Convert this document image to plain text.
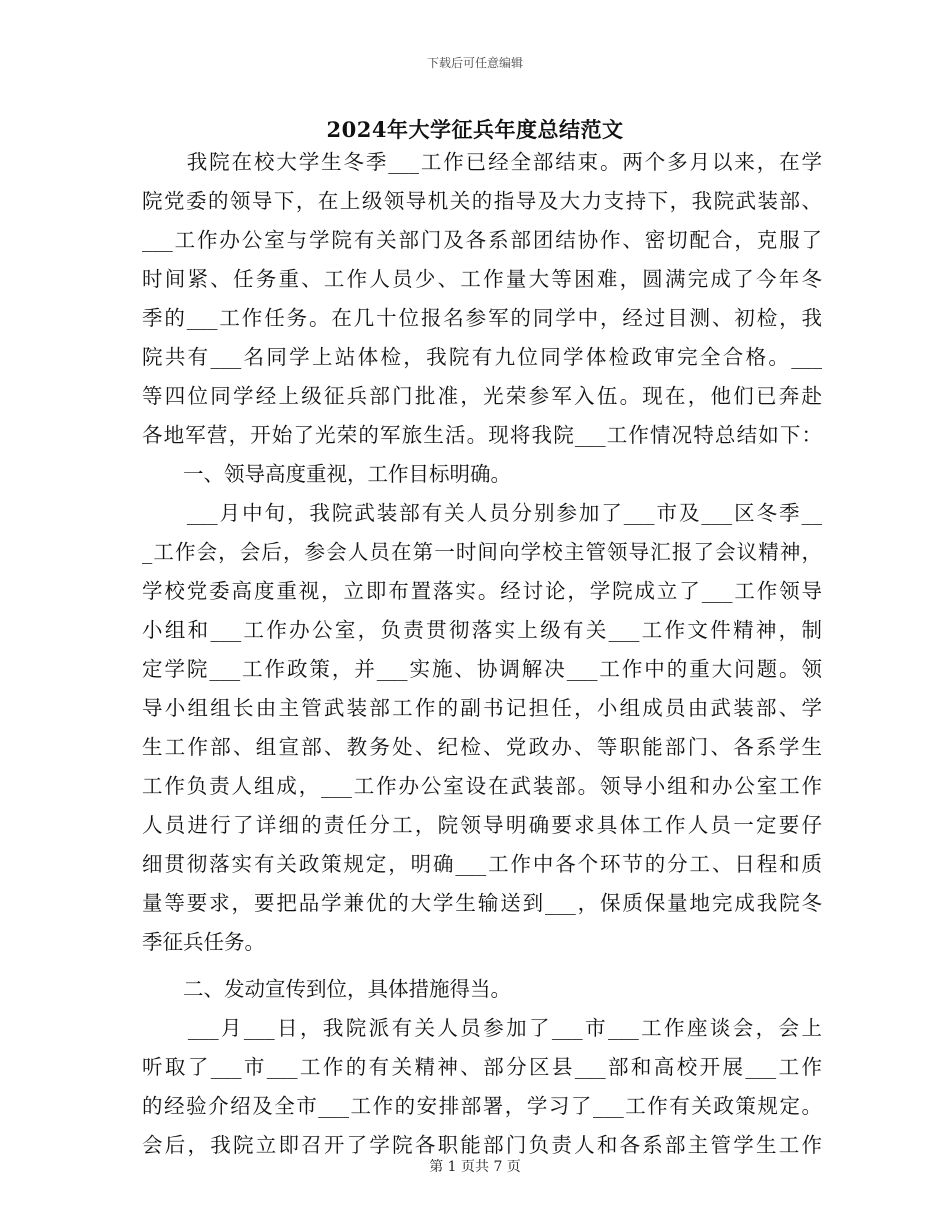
下载后可任意编辑
2024年大学征兵年度总结范文
　　我院在校大学生冬季___工作已经全部结束。两个多月以来，在学
院党委的领导下，在上级领导机关的指导及大力支持下，我院武装部、
___工作办公室与学院有关部门及各系部团结协作、密切配合，克服了
时间紧、任务重、工作人员少、工作量大等困难，圆满完成了今年冬
季的___工作任务。在几十位报名参军的同学中，经过目测、初检，我
院共有___名同学上站体检，我院有九位同学体检政审完全合格。___
等四位同学经上级征兵部门批准，光荣参军入伍。现在，他们已奔赴
各地军营，开始了光荣的军旅生活。现将我院___工作情况特总结如下：
　　一、领导高度重视，工作目标明确。
　　___月中旬，我院武装部有关人员分别参加了___市及___区冬季__
_工作会，会后，参会人员在第一时间向学校主管领导汇报了会议精神，
学校党委高度重视，立即布置落实。经讨论，学院成立了___工作领导
小组和___工作办公室，负责贯彻落实上级有关___工作文件精神，制
定学院___工作政策，并___实施、协调解决___工作中的重大问题。领
导小组组长由主管武装部工作的副书记担任，小组成员由武装部、学
生工作部、组宣部、教务处、纪检、党政办、等职能部门、各系学生
工作负责人组成，___工作办公室设在武装部。领导小组和办公室工作
人员进行了详细的责任分工，院领导明确要求具体工作人员一定要仔
细贯彻落实有关政策规定，明确___工作中各个环节的分工、日程和质
量等要求，要把品学兼优的大学生输送到___，保质保量地完成我院冬
季征兵任务。
　　二、发动宣传到位，具体措施得当。
　　___月___日，我院派有关人员参加了___市___工作座谈会，会上
听取了___市___工作的有关精神、部分区县___部和高校开展___工作
的经验介绍及全市___工作的安排部署，学习了___工作有关政策规定。
会后，我院立即召开了学院各职能部门负责人和各系部主管学生工作
第 1 页共 7 页
